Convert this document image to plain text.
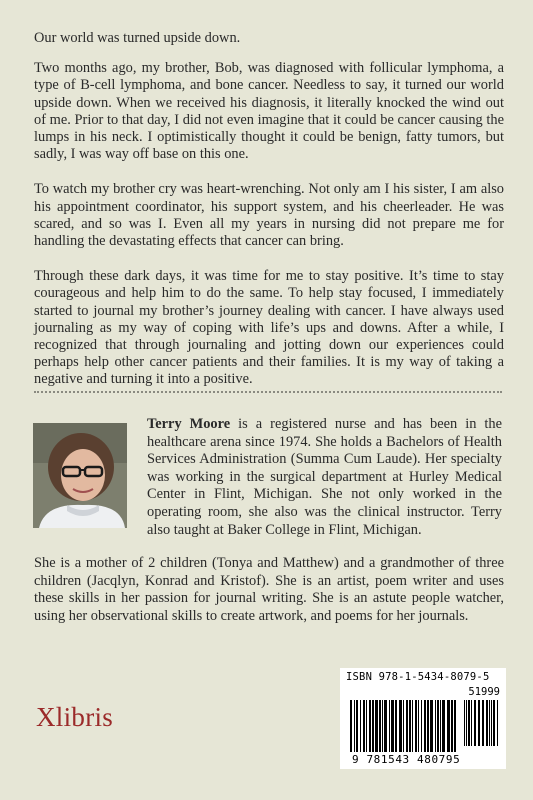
Our world was turned upside down.

Two months ago, my brother, Bob, was diagnosed with follicular lymphoma, a type of B-cell lymphoma, and bone cancer. Needless to say, it turned our world upside down. When we received his diagnosis, it literally knocked the wind out of me. Prior to that day, I did not even imagine that it could be cancer causing the lumps in his neck. I optimistically thought it could be benign, fatty tumors, but sadly, I was way off base on this one.

To watch my brother cry was heart-wrenching. Not only am I his sister, I am also his appointment coordinator, his support system, and his cheerleader. He was scared, and so was I. Even all my years in nursing did not prepare me for handling the devastating effects that cancer can bring.

Through these dark days, it was time for me to stay positive. It’s time to stay courageous and help him to do the same. To help stay focused, I immediately started to journal my brother’s journey dealing with cancer. I have always used journaling as my way of coping with life’s ups and downs. After a while, I recognized that through journaling and jotting down our experiences could perhaps help other cancer patients and their families. It is my way of taking a negative and turning it into a positive.

Terry Moore is a registered nurse and has been in the healthcare arena since 1974. She holds a Bachelors of Health Services Administration (Summa Cum Laude). Her specialty was working in the surgical department at Hurley Medical Center in Flint, Michigan. She not only worked in the operating room, she also was the clinical instructor. Terry also taught at Baker College in Flint, Michigan.

She is a mother of 2 children (Tonya and Matthew) and a grandmother of three children (Jacqlyn, Konrad and Kristof). She is an artist, poem writer and uses these skills in her passion for journal writing. She is an astute people watcher, using her observational skills to create artwork, and poems for her journals.

Xlibris
ISBN 978-1-5434-8079-5
51999
9 781543 480795
